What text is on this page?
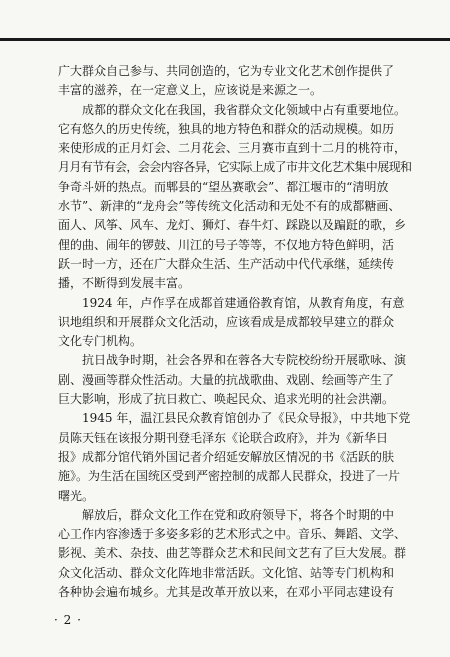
广大群众自己参与、共同创造的，它为专业文化艺术创作提供了
丰富的滋养，在一定意义上，应该说是来源之一。
　　成都的群众文化在我国，我省群众文化领域中占有重要地位。
它有悠久的历史传统，独具的地方特色和群众的活动规模。如历
来使形成的正月灯会、二月花会、三月赛市直到十二月的桃符市，
月月有节有会，会会内容各异，它实际上成了市井文化艺术集中展现和
争奇斗妍的热点。而郫县的“望丛赛歌会”、都江堰市的“清明放
水节”、新津的“龙舟会”等传统文化活动和无处不有的成都糖画、
面人、风筝、风车、龙灯、狮灯、春牛灯、踩跷以及蹁跹的歌，乡
俚的曲、闹年的锣鼓、川江的号子等等，不仅地方特色鲜明，活
跃一时一方，还在广大群众生活、生产活动中代代承继，延续传
播，不断得到发展丰富。
　　1924 年，卢作孚在成都首建通俗教育馆，从教育角度，有意
识地组织和开展群众文化活动，应该看成是成都较早建立的群众
文化专门机构。
　　抗日战争时期，社会各界和在蓉各大专院校纷纷开展歌咏、演
剧、漫画等群众性活动。大量的抗战歌曲、戏剧、绘画等产生了
巨大影响，形成了抗日救亡、唤起民众、追求光明的社会洪潮。
　　1945 年，温江县民众教育馆创办了《民众导报》，中共地下党
员陈天钰在该报分期刊登毛泽东《论联合政府》，并为《新华日
报》成都分馆代销外国记者介绍延安解放区情况的书《活跃的肤
施》。为生活在国统区受到严密控制的成都人民群众，投进了一片
曙光。
　　解放后，群众文化工作在党和政府领导下，将各个时期的中
心工作内容渗透于多姿多彩的艺术形式之中。音乐、舞蹈、文学、
影视、美术、杂技、曲艺等群众艺术和民间文艺有了巨大发展。群
众文化活动、群众文化阵地非常活跃。文化馆、站等专门机构和
各种协会遍布城乡。尤其是改革开放以来，在邓小平同志建设有
· 2 ·
